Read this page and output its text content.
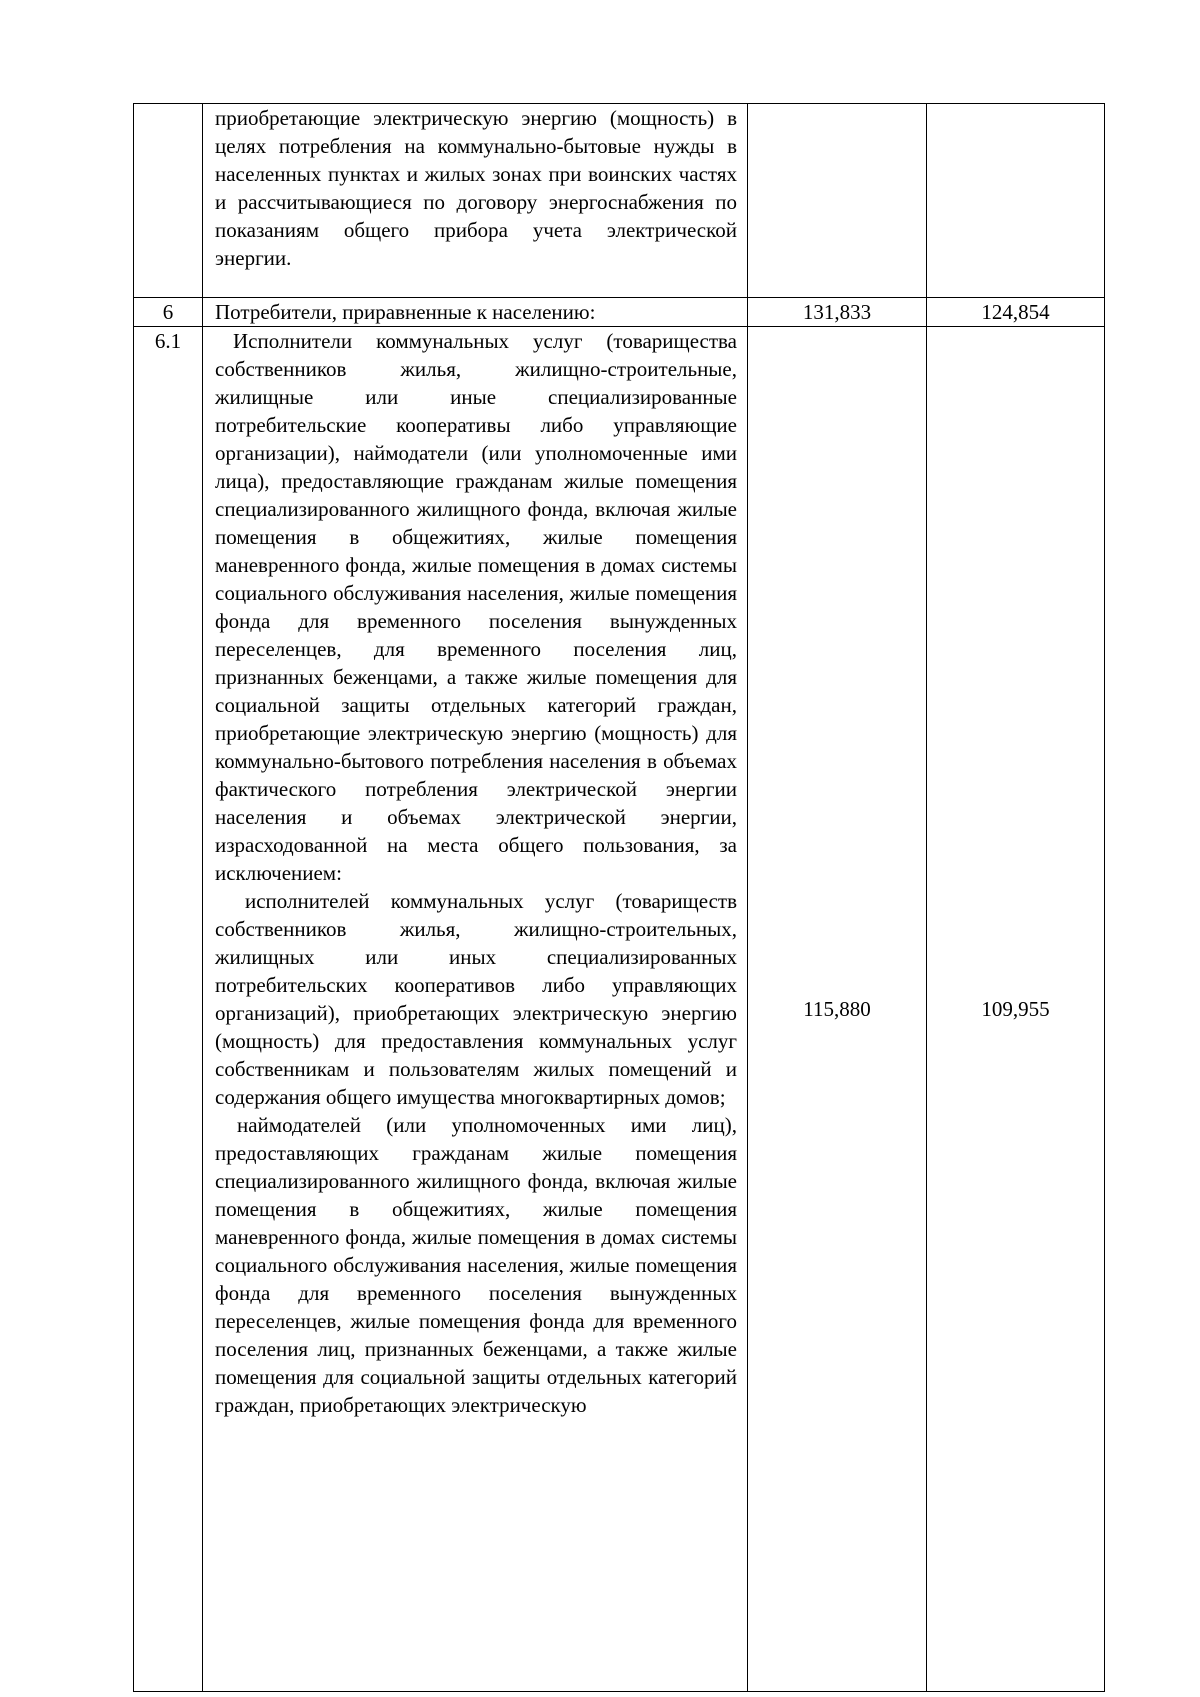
	приобретающие электрическую энергию (мощность) в целях потребления на коммунально-бытовые нужды в населенных пунктах и жилых зонах при воинских частях и рассчитывающиеся по договору энергоснабжения по показаниям общего прибора учета электрической энергии.		

6	Потребители, приравненные к населению:	131,833	124,854
6.1	Исполнители коммунальных услуг (товарищества собственников жилья, жилищно-строительные, жилищные или иные специализированные потребительские кооперативы либо управляющие организации), наймодатели (или уполномоченные ими лица), предоставляющие гражданам жилые помещения специализированного жилищного фонда, включая жилые помещения в общежитиях, жилые помещения маневренного фонда, жилые помещения в домах системы социального обслуживания населения, жилые помещения фонда для временного поселения вынужденных переселенцев, для временного поселения лиц, признанных беженцами, а также жилые помещения для социальной защиты отдельных категорий граждан, приобретающие электрическую энергию (мощность) для коммунально-бытового потребления населения в объемах фактического потребления электрической энергии населения и объемах электрической энергии, израсходованной на места общего пользования, за исключением:

исполнителей коммунальных услуг (товариществ собственников жилья, жилищно-строительных, жилищных или иных специализированных потребительских кооперативов либо управляющих организаций), приобретающих электрическую энергию (мощность) для предоставления коммунальных услуг собственникам и пользователям жилых помещений и содержания общего имущества многоквартирных домов;

наймодателей (или уполномоченных ими лиц), предоставляющих гражданам жилые помещения специализированного жилищного фонда, включая жилые помещения в общежитиях, жилые помещения маневренного фонда, жилые помещения в домах системы социального обслуживания населения, жилые помещения фонда для временного поселения вынужденных переселенцев, жилые помещения фонда для временного поселения лиц, признанных беженцами, а также жилые помещения для социальной защиты отдельных категорий граждан, приобретающих электрическую	115,880	109,955
